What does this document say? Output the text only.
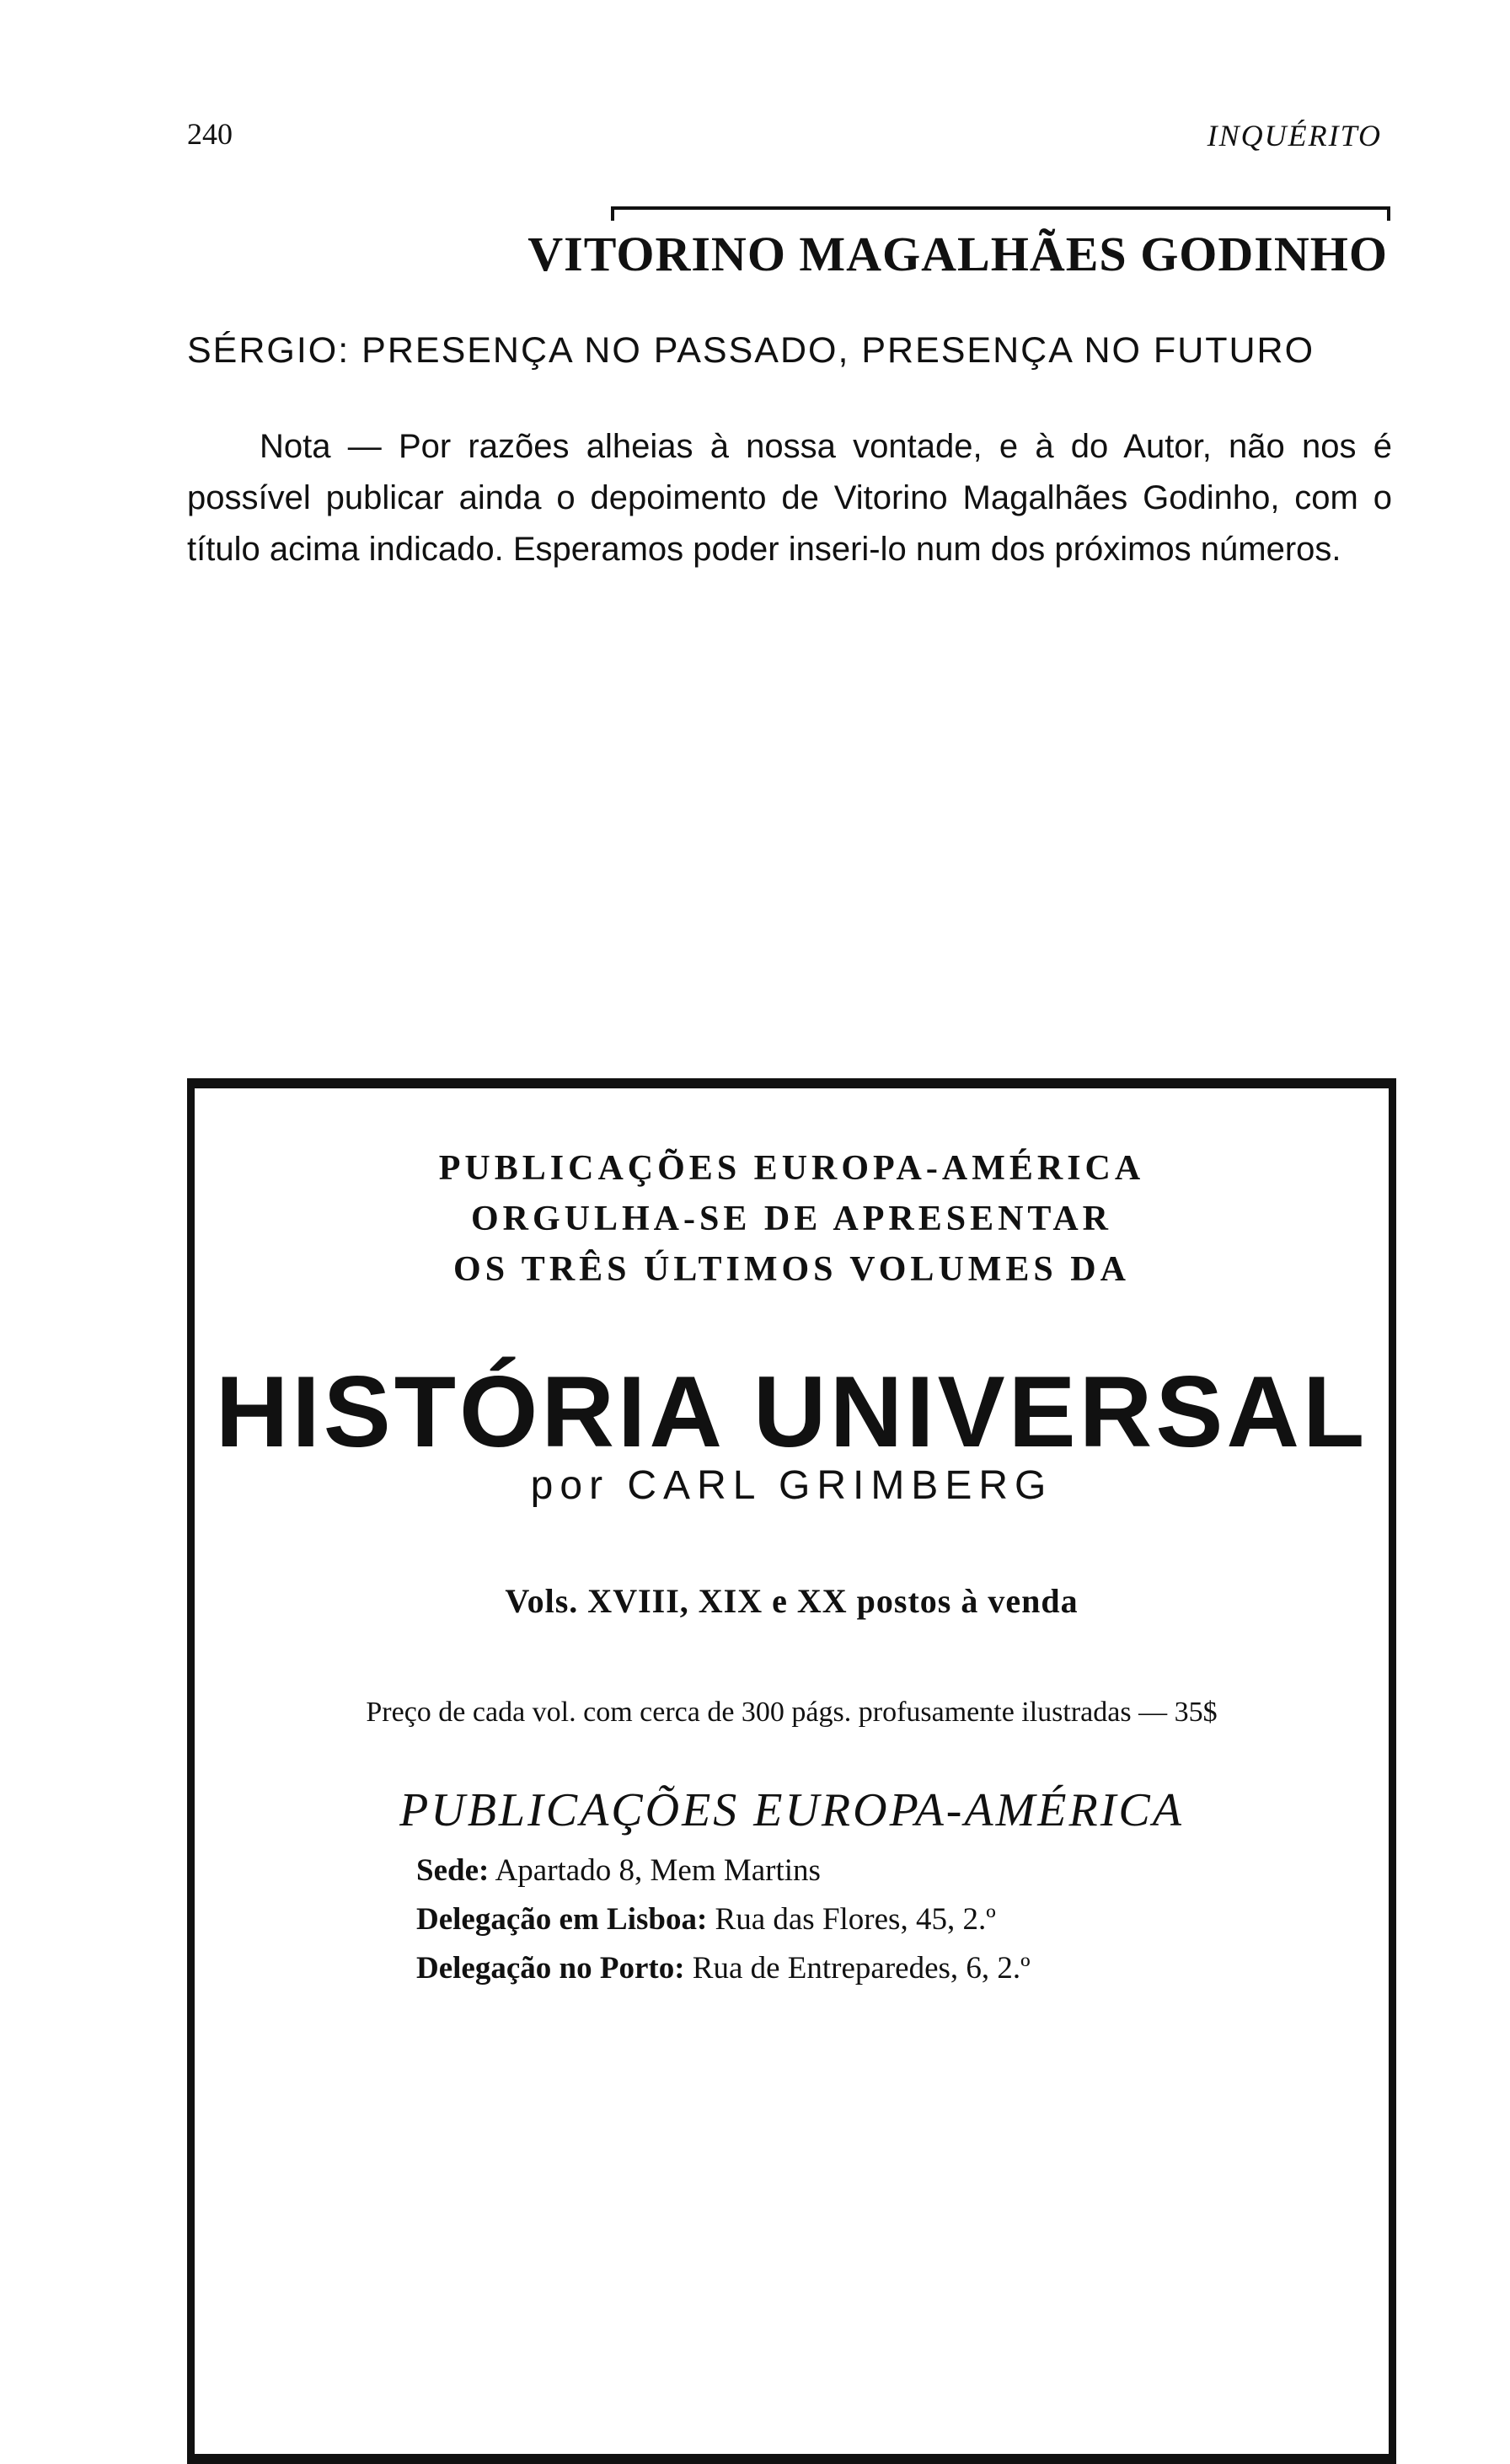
240	INQUÉRITO
VITORINO MAGALHÃES GODINHO
SÉRGIO: PRESENÇA NO PASSADO, PRESENÇA NO FUTURO
Nota — Por razões alheias à nossa vontade, e à do Autor, não nos é possível publicar ainda o depoimento de Vitorino Magalhães Godinho, com o título acima indicado. Esperamos poder inseri-lo num dos próximos números.
PUBLICAÇÕES EUROPA-AMÉRICA
ORGULHA-SE DE APRESENTAR
OS TRÊS ÚLTIMOS VOLUMES DA
HISTÓRIA UNIVERSAL
por CARL GRIMBERG
Vols. XVIII, XIX e XX postos à venda
Preço de cada vol. com cerca de 300 págs. profusamente ilustradas — 35$
PUBLICAÇÕES EUROPA-AMÉRICA
Sede: Apartado 8, Mem Martins
Delegação em Lisboa: Rua das Flores, 45, 2.º
Delegação no Porto: Rua de Entreparedes, 6, 2.º
